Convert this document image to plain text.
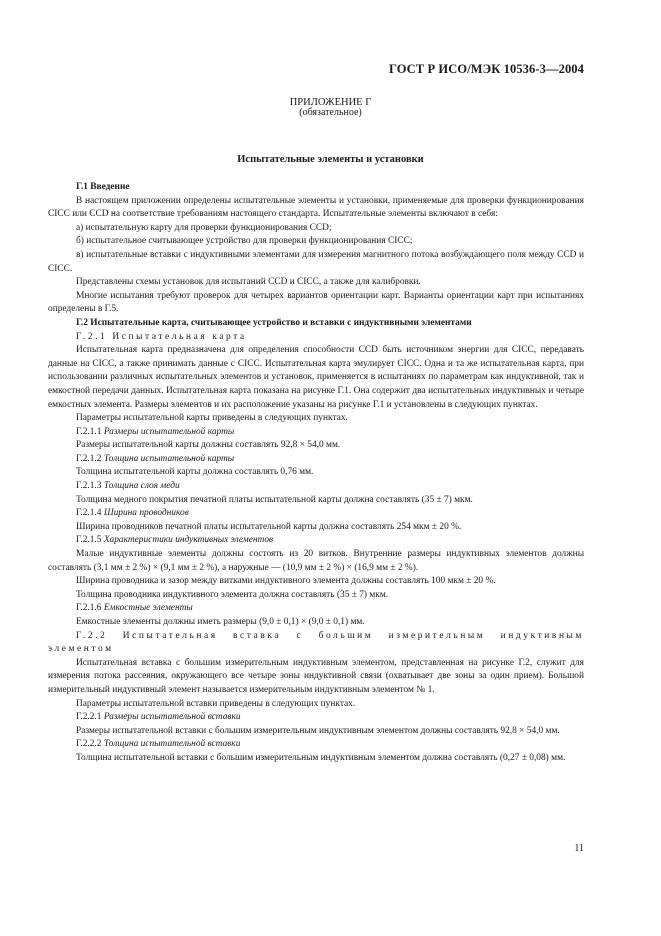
ГОСТ Р ИСО/МЭК 10536-3—2004
ПРИЛОЖЕНИЕ Г
(обязательное)
Испытательные элементы и установки

Г.1 Введение

В настоящем приложении определены испытательные элементы и установки, применяемые для проверки функционирования CICC или CCD на соответствие требованиям настоящего стандарта. Испытательные элементы включают в себя:

а) испытательную карту для проверки функционирования CCD;

б) испытательное считывающее устройство для проверки функционирования CICC;

в) испытательные вставки с индуктивными элементами для измерения магнитного потока возбуждающего поля между CCD и CICC.

Представлены схемы установок для испытаний CCD и CICC, а также для калибровки.

Многие испытания требуют проверок для четырех вариантов ориентации карт. Варианты ориентации карт при испытаниях определены в Г.5.

Г.2 Испытательные карта, считывающее устройство и вставки с индуктивными элементами

Г.2.1 Испытательная карта

Испытательная карта предназначена для определения способности CCD быть источником энергии для CICC, передавать данные на CICC, а также принимать данные с CICC. Испытательная карта эмулирует CICC. Одна и та же испытательная карта, при использовании различных испытательных элементов и установок, применяется в испытаниях по параметрам как индуктивной, так и емкостной передачи данных. Испытательная карта показана на рисунке Г.1. Она содержит два испытательных индуктивных и четыре емкостных элемента. Размеры элементов и их расположение указаны на рисунке Г.1 и установлены в следующих пунктах.

Параметры испытательной карты приведены в следующих пунктах.

Г.2.1.1 Размеры испытательной карты

Размеры испытательной карты должны составлять 92,8 × 54,0 мм.

Г.2.1.2 Толщина испытательной карты

Толщина испытательной карты должна составлять 0,76 мм.

Г.2.1.3 Толщина слоя меди

Толщина медного покрытия печатной платы испытательной карты должна составлять (35 ± 7) мкм.

Г.2.1.4 Ширина проводников

Ширина проводников печатной платы испытательной карты должна составлять 254 мкм ± 20 %.

Г.2.1.5 Характеристики индуктивных элементов

Малые индуктивные элементы должны состоять из 20 витков. Внутренние размеры индуктивных элементов должны составлять (3,1 мм ± 2 %) × (9,1 мм ± 2 %), а наружные — (10,9 мм ± 2 %) × (16,9 мм ± 2 %).

Ширина проводника и зазор между витками индуктивного элемента должны составлять 100 мкм ± 20 %.

Толщина проводника индуктивного элемента должна составлять (35 ± 7) мкм.

Г.2.1.6 Емкостные элементы

Емкостные элементы должны иметь размеры (9,0 ± 0,1) × (9,0 ± 0,1) мм.

Г.2.2 Испытательная вставка с большим измерительным индуктивным элементом

Испытательная вставка с большим измерительным индуктивным элементом, представленная на рисунке Г.2, служит для измерения потока рассеяния, окружающего все четыре зоны индуктивной связи (охватывает две зоны за один прием). Большой измерительный индуктивный элемент называется измерительным индуктивным элементом № 1.

Параметры испытательной вставки приведены в следующих пунктах.

Г.2.2.1 Размеры испытательной вставки

Размеры испытательной вставки с большим измерительным индуктивным элементом должны составлять 92,8 × 54,0 мм.

Г.2.2.2 Толщина испытательной вставки

Толщина испытательной вставки с большим измерительным индуктивным элементом должна составлять (0,27 ± 0,08) мм.

11
